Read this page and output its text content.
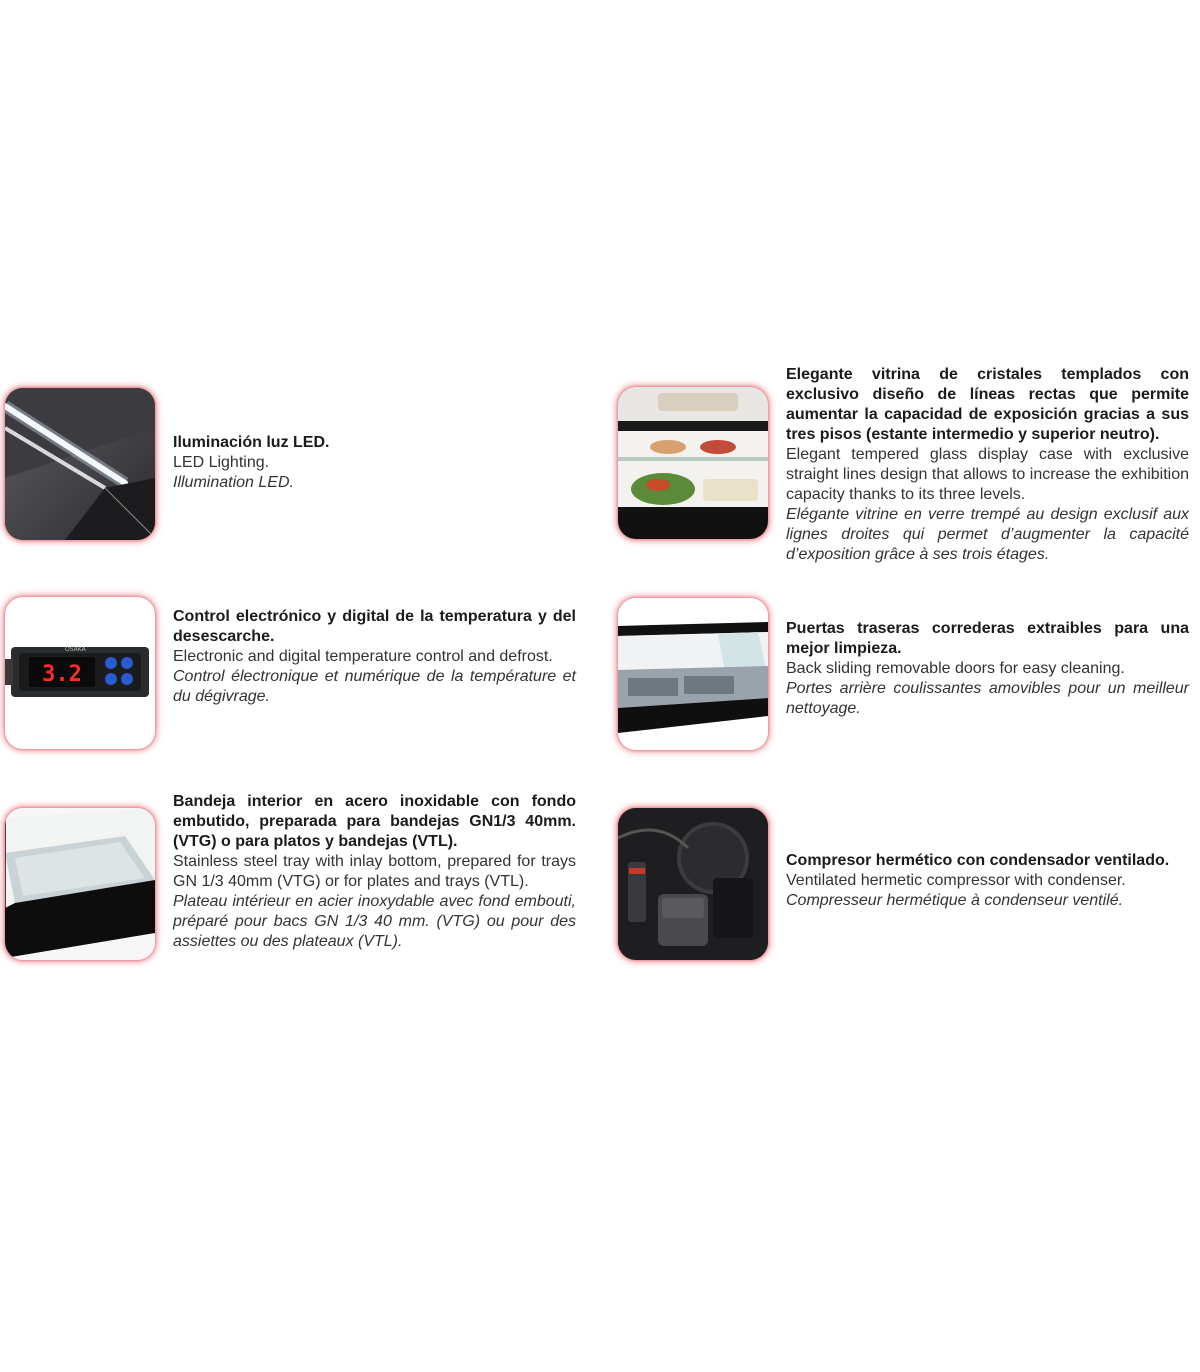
Iluminación luz LED.

LED Lighting.

Illumination LED.

Elegante vitrina de cristales templados con exclusivo diseño de líneas rectas que permite aumentar la capacidad de exposición gracias a sus tres pisos (estante intermedio y superior neutro).

Elegant tempered glass display case with exclusive straight lines design that allows to increase the exhibition capacity thanks to its three levels.

Elégante vitrine en verre trempé au design exclusif aux lignes droites qui permet d’augmenter la capacité d’exposition grâce à ses trois étages.

OSAKA
3.2

Control electrónico y digital de la temperatura y del desescarche.

Electronic and digital temperature control and defrost.

Control électronique et numérique de la température et du dégivrage.

Puertas traseras correderas extraibles para una mejor limpieza.

Back sliding removable doors for easy cleaning.

Portes arrière coulissantes amovibles pour un meilleur nettoyage.

Bandeja interior en acero inoxidable con fondo embutido, preparada para bandejas GN1/3 40mm. (VTG) o para platos y bandejas (VTL).

Stainless steel tray with inlay bottom, prepared for trays GN 1/3 40mm (VTG) or for plates and trays (VTL).

Plateau intérieur en acier inoxydable avec fond embouti, préparé pour bacs GN 1/3 40 mm. (VTG) ou pour des assiettes ou des plateaux (VTL).

Compresor hermético con condensador ventilado.

Ventilated hermetic compressor with condenser.

Compresseur hermétique à condenseur ventilé.
